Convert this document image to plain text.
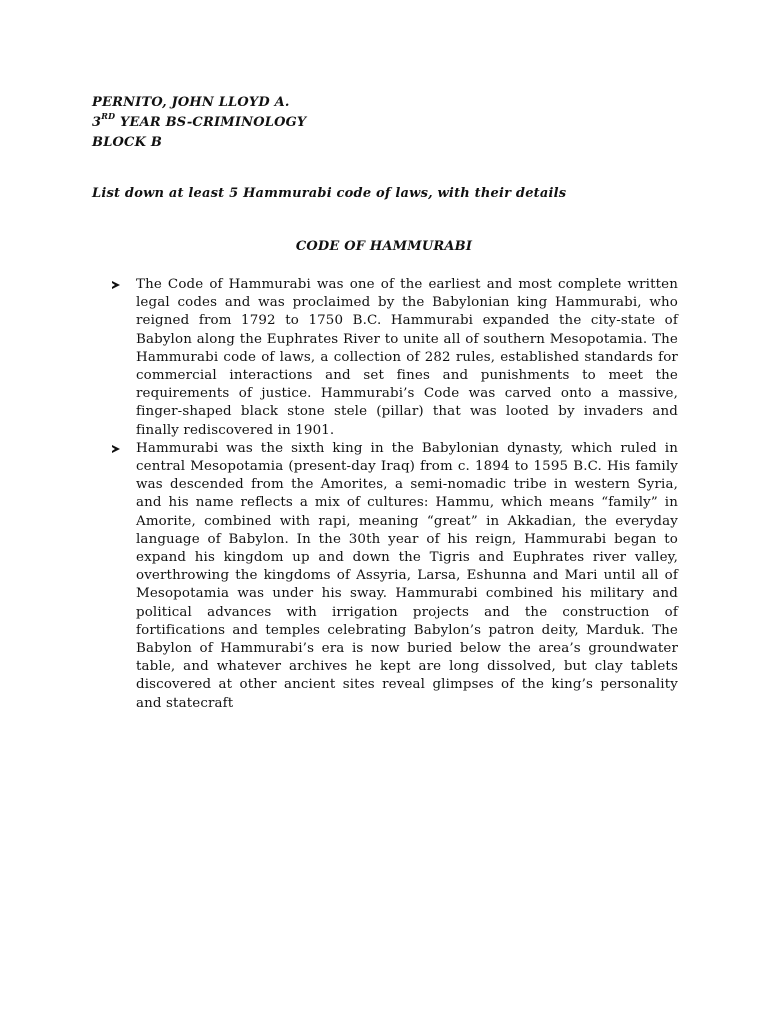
PERNITO, JOHN LLOYD A.
3RD YEAR BS-CRIMINOLOGY
BLOCK B
List down at least 5 Hammurabi code of laws, with their details
CODE OF HAMMURABI
The Code of Hammurabi was one of the earliest and most complete written legal codes and was proclaimed by the Babylonian king Hammurabi, who reigned from 1792 to 1750 B.C. Hammurabi expanded the city-state of Babylon along the Euphrates River to unite all of southern Mesopotamia. The Hammurabi code of laws, a collection of 282 rules, established standards for commercial interactions and set fines and punishments to meet the requirements of justice. Hammurabi’s Code was carved onto a massive, finger-shaped black stone stele (pillar) that was looted by invaders and finally rediscovered in 1901.
Hammurabi was the sixth king in the Babylonian dynasty, which ruled in central Mesopotamia (present-day Iraq) from c. 1894 to 1595 B.C. His family was descended from the Amorites, a semi-nomadic tribe in western Syria, and his name reflects a mix of cultures: Hammu, which means “family” in Amorite, combined with rapi, meaning “great” in Akkadian, the everyday language of Babylon. In the 30th year of his reign, Hammurabi began to expand his kingdom up and down the Tigris and Euphrates river valley, overthrowing the kingdoms of Assyria, Larsa, Eshunna and Mari until all of Mesopotamia was under his sway. Hammurabi combined his military and political advances with irrigation projects and the construction of fortifications and temples celebrating Babylon’s patron deity, Marduk. The Babylon of Hammurabi’s era is now buried below the area’s groundwater table, and whatever archives he kept are long dissolved, but clay tablets discovered at other ancient sites reveal glimpses of the king’s personality and statecraft
